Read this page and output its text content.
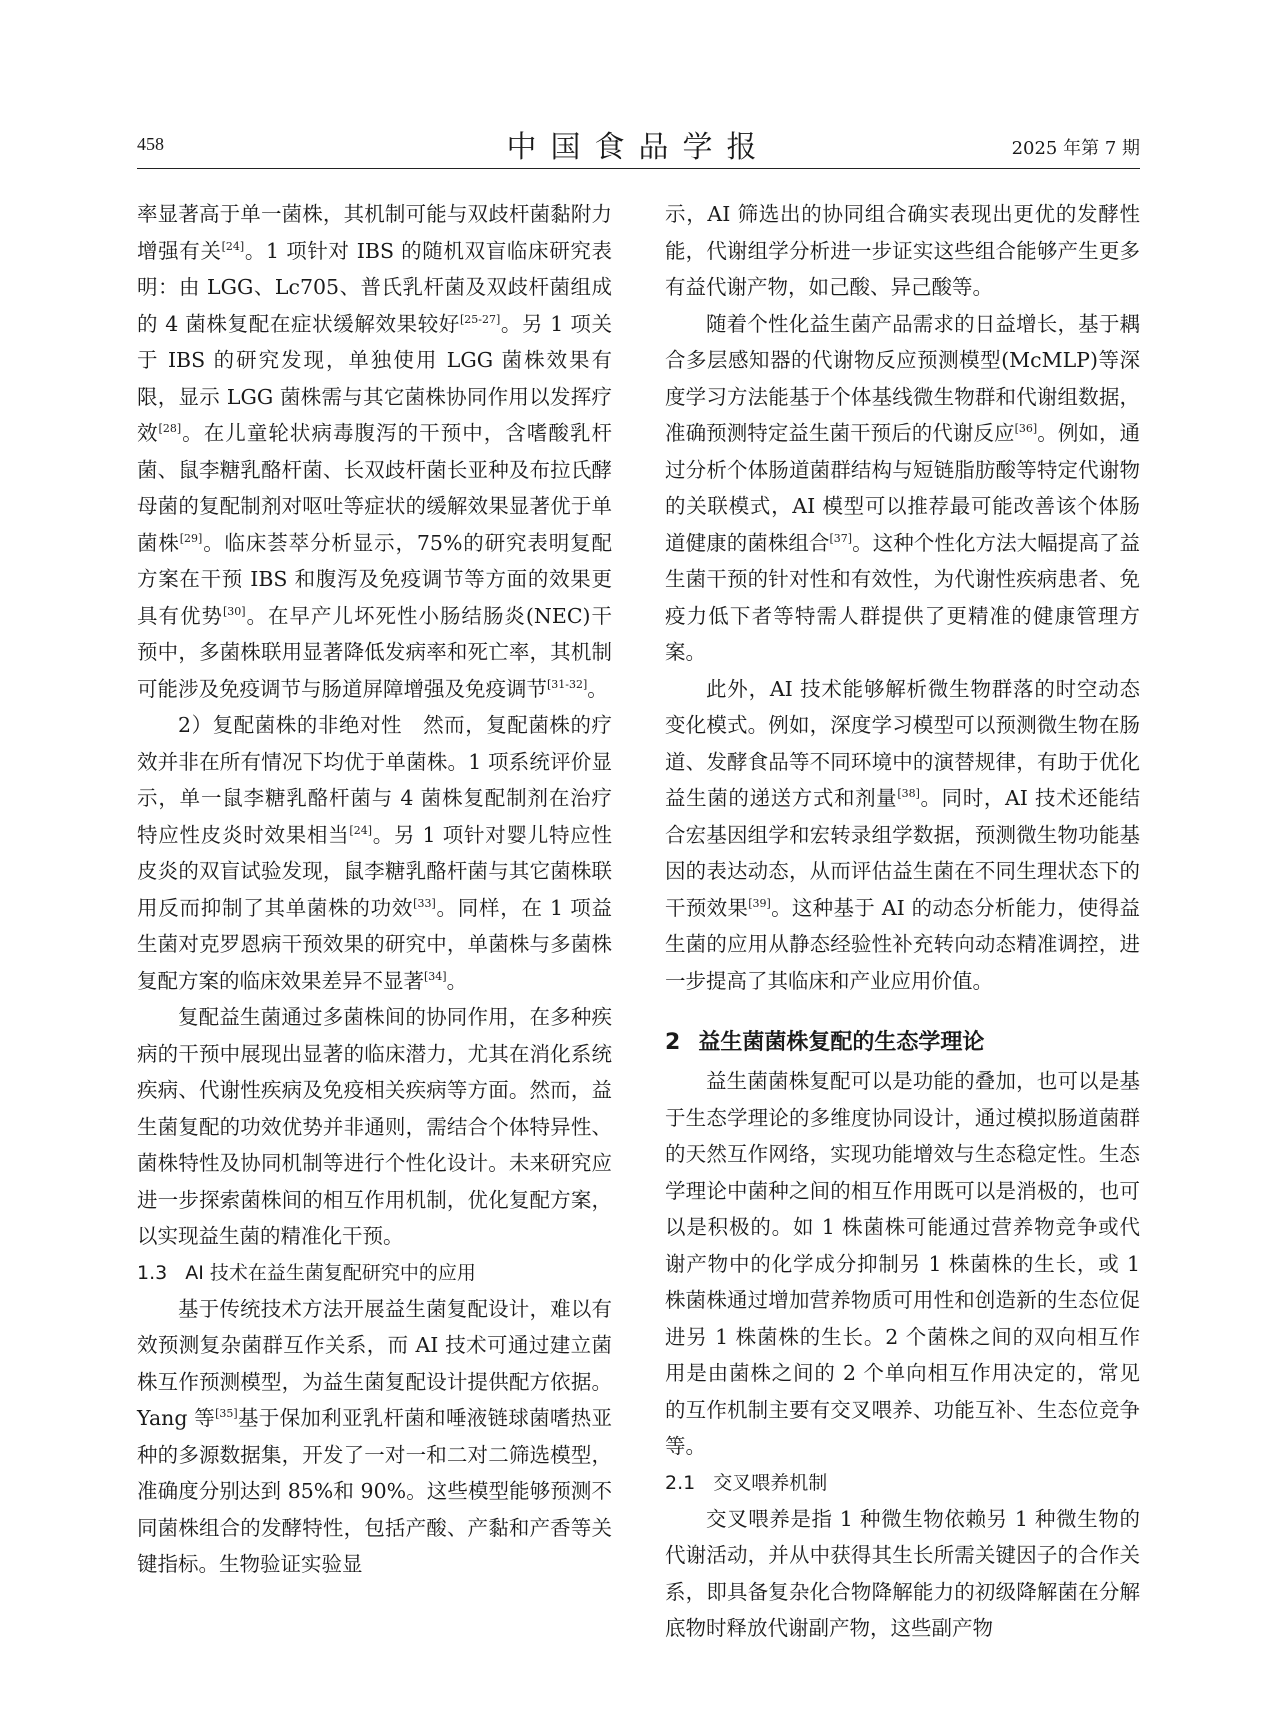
458	中国食品学报	2025 年第 7 期

率显著高于单一菌株，其机制可能与双歧杆菌黏附力增强有关[24]。1 项针对 IBS 的随机双盲临床研究表明：由 LGG、Lc705、普氏乳杆菌及双歧杆菌组成的 4 菌株复配在症状缓解效果较好[25-27]。另 1 项关于 IBS 的研究发现，单独使用 LGG 菌株效果有限，显示 LGG 菌株需与其它菌株协同作用以发挥疗效[28]。在儿童轮状病毒腹泻的干预中，含嗜酸乳杆菌、鼠李糖乳酪杆菌、长双歧杆菌长亚种及布拉氏酵母菌的复配制剂对呕吐等症状的缓解效果显著优于单菌株[29]。临床荟萃分析显示，75%的研究表明复配方案在干预 IBS 和腹泻及免疫调节等方面的效果更具有优势[30]。在早产儿坏死性小肠结肠炎(NEC)干预中，多菌株联用显著降低发病率和死亡率，其机制可能涉及免疫调节与肠道屏障增强及免疫调节[31-32]。

2）复配菌株的非绝对性　然而，复配菌株的疗效并非在所有情况下均优于单菌株。1 项系统评价显示，单一鼠李糖乳酪杆菌与 4 菌株复配制剂在治疗特应性皮炎时效果相当[24]。另 1 项针对婴儿特应性皮炎的双盲试验发现，鼠李糖乳酪杆菌与其它菌株联用反而抑制了其单菌株的功效[33]。同样，在 1 项益生菌对克罗恩病干预效果的研究中，单菌株与多菌株复配方案的临床效果差异不显著[34]。

复配益生菌通过多菌株间的协同作用，在多种疾病的干预中展现出显著的临床潜力，尤其在消化系统疾病、代谢性疾病及免疫相关疾病等方面。然而，益生菌复配的功效优势并非通则，需结合个体特异性、菌株特性及协同机制等进行个性化设计。未来研究应进一步探索菌株间的相互作用机制，优化复配方案，以实现益生菌的精准化干预。

1.3 AI 技术在益生菌复配研究中的应用

基于传统技术方法开展益生菌复配设计，难以有效预测复杂菌群互作关系，而 AI 技术可通过建立菌株互作预测模型，为益生菌复配设计提供配方依据。Yang 等[35]基于保加利亚乳杆菌和唾液链球菌嗜热亚种的多源数据集，开发了一对一和二对二筛选模型，准确度分别达到 85%和 90%。这些模型能够预测不同菌株组合的发酵特性，包括产酸、产黏和产香等关键指标。生物验证实验显

示，AI 筛选出的协同组合确实表现出更优的发酵性能，代谢组学分析进一步证实这些组合能够产生更多有益代谢产物，如己酸、异己酸等。

随着个性化益生菌产品需求的日益增长，基于耦合多层感知器的代谢物反应预测模型(McMLP)等深度学习方法能基于个体基线微生物群和代谢组数据，准确预测特定益生菌干预后的代谢反应[36]。例如，通过分析个体肠道菌群结构与短链脂肪酸等特定代谢物的关联模式，AI 模型可以推荐最可能改善该个体肠道健康的菌株组合[37]。这种个性化方法大幅提高了益生菌干预的针对性和有效性，为代谢性疾病患者、免疫力低下者等特需人群提供了更精准的健康管理方案。

此外，AI 技术能够解析微生物群落的时空动态变化模式。例如，深度学习模型可以预测微生物在肠道、发酵食品等不同环境中的演替规律，有助于优化益生菌的递送方式和剂量[38]。同时，AI 技术还能结合宏基因组学和宏转录组学数据，预测微生物功能基因的表达动态，从而评估益生菌在不同生理状态下的干预效果[39]。这种基于 AI 的动态分析能力，使得益生菌的应用从静态经验性补充转向动态精准调控，进一步提高了其临床和产业应用价值。

2 益生菌菌株复配的生态学理论

益生菌菌株复配可以是功能的叠加，也可以是基于生态学理论的多维度协同设计，通过模拟肠道菌群的天然互作网络，实现功能增效与生态稳定性。生态学理论中菌种之间的相互作用既可以是消极的，也可以是积极的。如 1 株菌株可能通过营养物竞争或代谢产物中的化学成分抑制另 1 株菌株的生长，或 1 株菌株通过增加营养物质可用性和创造新的生态位促进另 1 株菌株的生长。2 个菌株之间的双向相互作用是由菌株之间的 2 个单向相互作用决定的，常见的互作机制主要有交叉喂养、功能互补、生态位竞争等。

2.1 交叉喂养机制

交叉喂养是指 1 种微生物依赖另 1 种微生物的代谢活动，并从中获得其生长所需关键因子的合作关系，即具备复杂化合物降解能力的初级降解菌在分解底物时释放代谢副产物，这些副产物
